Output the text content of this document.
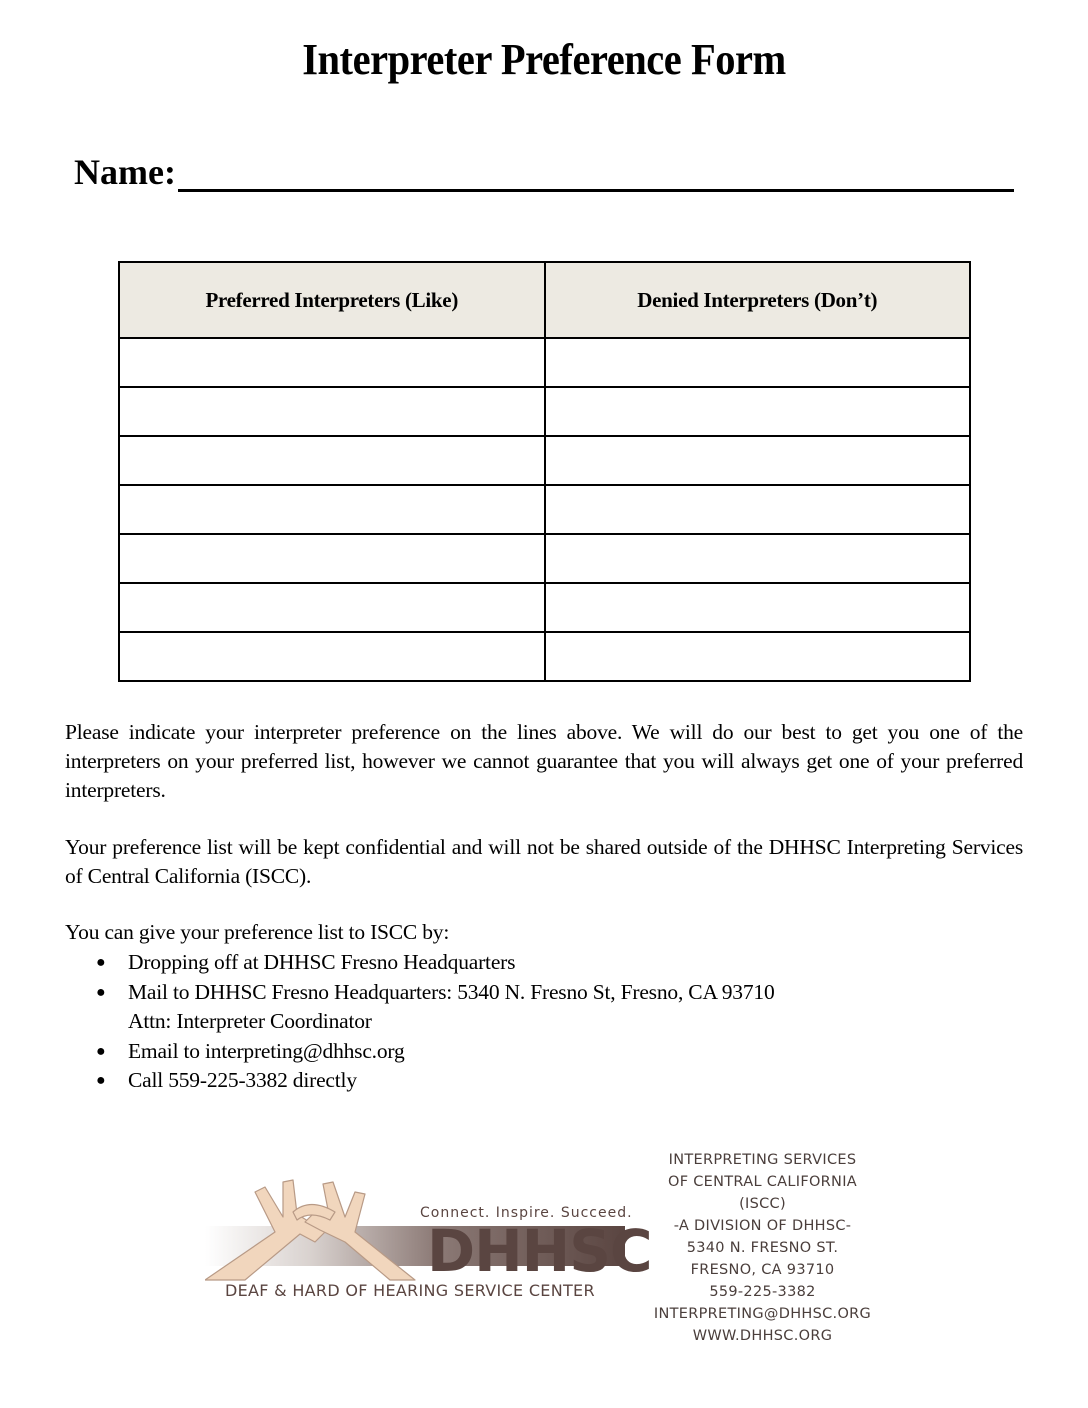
Interpreter Preference Form
Name:
Preferred Interpreters (Like)	Denied Interpreters (Don’t)

Please indicate your interpreter preference on the lines above. We will do our best to get you one of the interpreters on your preferred list, however we cannot guarantee that you will always get one of your preferred interpreters.
Your preference list will be kept confidential and will not be shared outside of the DHHSC Interpreting Services of Central California (ISCC).
You can give your preference list to ISCC by:
● Dropping off at DHHSC Fresno Headquarters
● Mail to DHHSC Fresno Headquarters: 5340 N. Fresno St, Fresno, CA 93710
Attn: Interpreter Coordinator
● Email to interpreting@dhhsc.org
● Call 559-225-3382 directly
Connect. Inspire. Succeed.
DHHSC
DEAF & HARD OF HEARING SERVICE CENTER
INTERPRETING SERVICES
OF CENTRAL CALIFORNIA
(ISCC)
-A DIVISION OF DHHSC-
5340 N. FRESNO ST.
FRESNO, CA 93710
559-225-3382
INTERPRETING@DHHSC.ORG
WWW.DHHSC.ORG
